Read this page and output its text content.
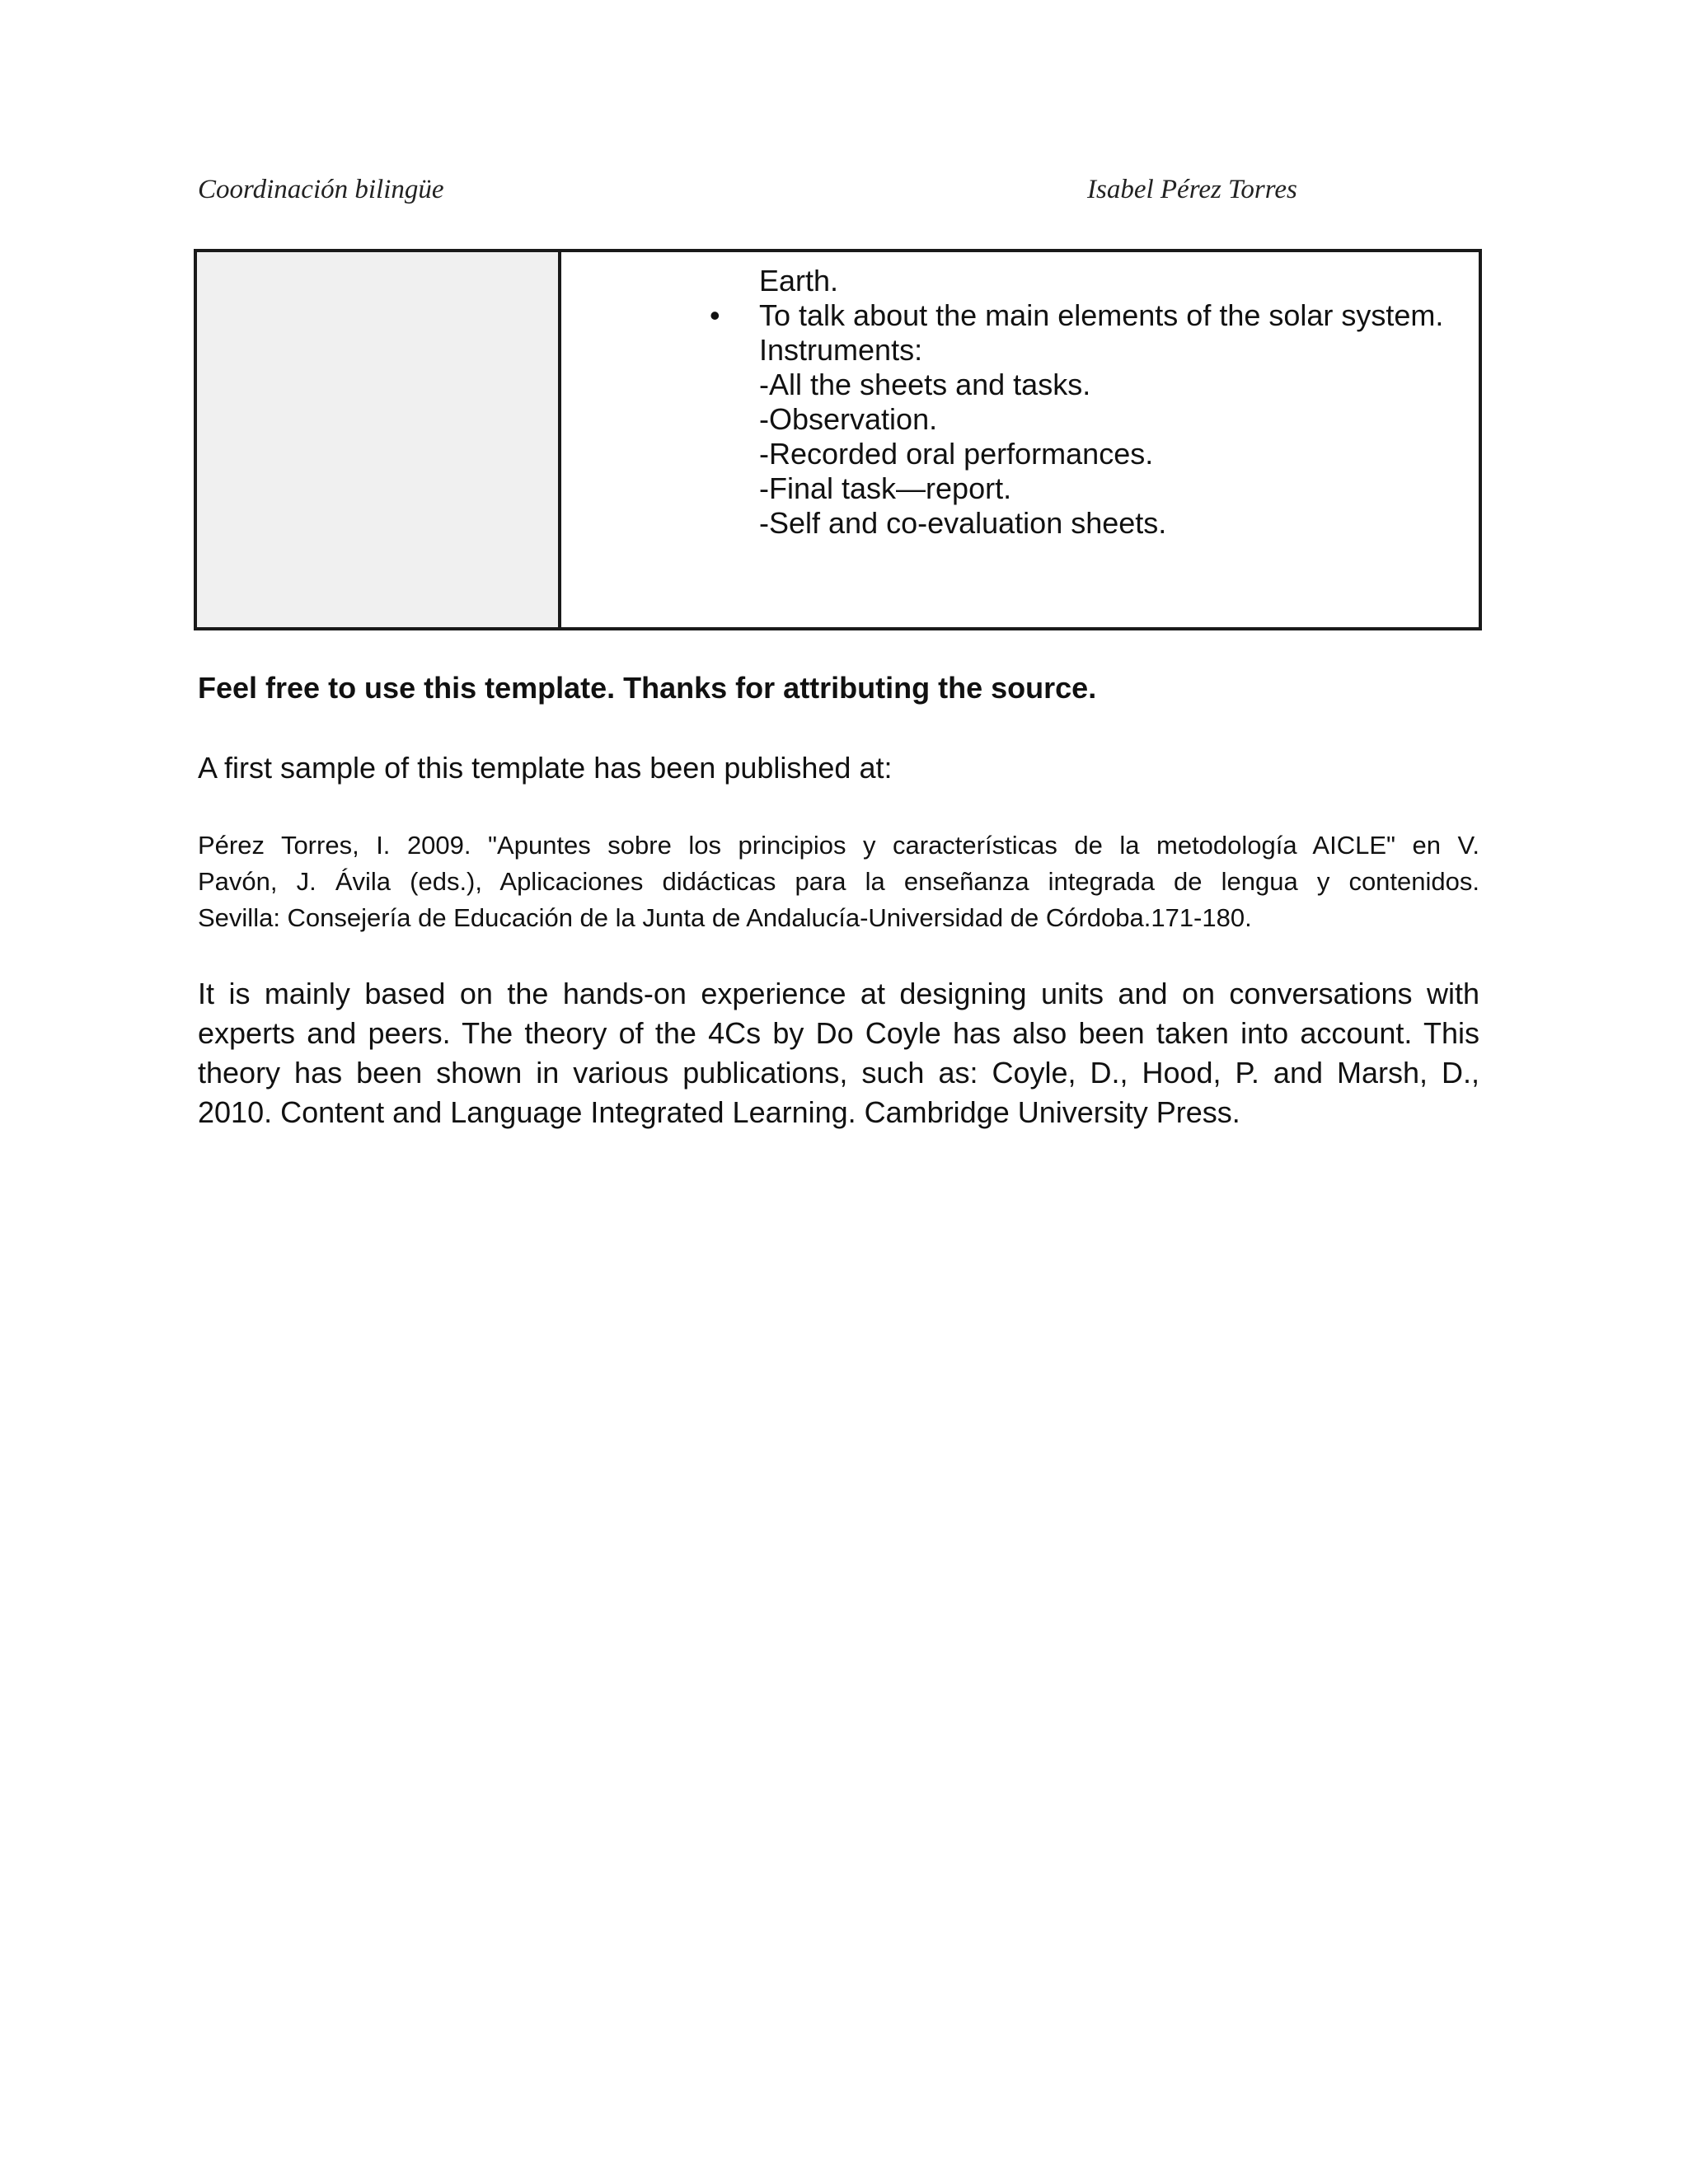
Coordinación bilingüe	Isabel Pérez Torres
Earth.
• To talk about the main elements of the solar system.
Instruments:
-All the sheets and tasks.
-Observation.
-Recorded oral performances.
-Final task—report.
-Self and co-evaluation sheets.
Feel free to use this template. Thanks for attributing the source.
A first sample of this template has been published at:
Pérez Torres, I. 2009. "Apuntes sobre los principios y características de la metodología AICLE" en V.
Pavón, J. Ávila (eds.), Aplicaciones didácticas para la enseñanza integrada de lengua y contenidos.
Sevilla: Consejería de Educación de la Junta de Andalucía-Universidad de Córdoba.171-180.
It is mainly based on the hands-on experience at designing units and on conversations with
experts and peers. The theory of the 4Cs by Do Coyle has also been taken into account. This
theory has been shown in various publications, such as: Coyle, D., Hood, P. and Marsh, D.,
2010. Content and Language Integrated Learning. Cambridge University Press.
